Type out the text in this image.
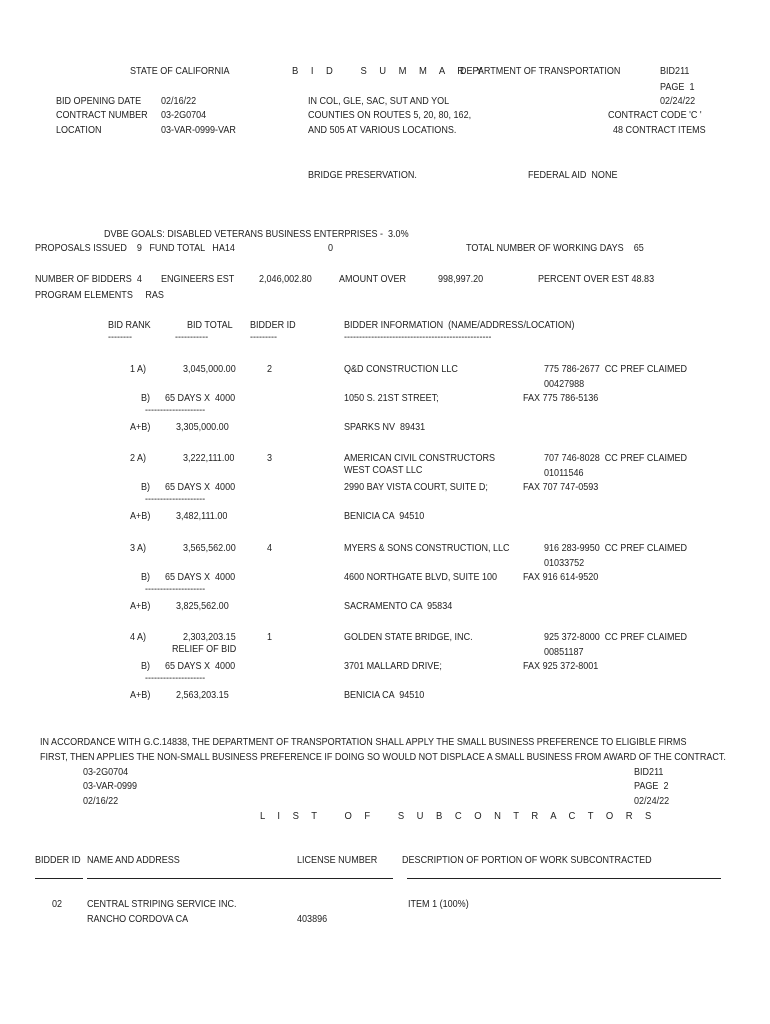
STATE OF CALIFORNIA	B I D   S U M M A R Y
DEPARTMENT OF TRANSPORTATION	BID211
PAGE  1
02/24/22
CONTRACT CODE 'C '
48 CONTRACT ITEMS
BID OPENING DATE 02/16/22
CONTRACT NUMBER 03-2G0704
LOCATION	03-VAR-0999-VAR
IN COL, GLE, SAC, SUT AND YOL
COUNTIES ON ROUTES 5, 20, 80, 162,
AND 505 AT VARIOUS LOCATIONS.
BRIDGE PRESERVATION.	FEDERAL AID  NONE
DVBE GOALS: DISABLED VETERANS BUSINESS ENTERPRISES -  3.0%
PROPOSALS ISSUED    9   FUND TOTAL   HA14	0	TOTAL NUMBER OF WORKING DAYS    65
NUMBER OF BIDDERS  4 ENGINEERS EST 2,046,002.80	AMOUNT OVER	998,997.20	PERCENT OVER EST 48.83
PROGRAM ELEMENTS     RAS
BID RANK	BID TOTAL BIDDER ID	BIDDER INFORMATION  (NAME/ADDRESS/LOCATION)
--------	-----------	---------	-------------------------------------------------
1 A)	3,045,000.00	2	Q&D CONSTRUCTION LLC	775 786-2677  CC PREF CLAIMED
00427988
B) 65 DAYS X  4000	1050 S. 21ST STREET;	FAX 775 786-5136
--------------------
A+B) 3,305,000.00	SPARKS NV  89431
2 A)	3,222,111.00	3	AMERICAN CIVIL CONSTRUCTORS	707 746-8028  CC PREF CLAIMED
WEST COAST LLC	01011546
B) 65 DAYS X  4000	2990 BAY VISTA COURT, SUITE D;	FAX 707 747-0593
--------------------
A+B) 3,482,111.00	BENICIA CA  94510
3 A)	3,565,562.00	4	MYERS & SONS CONSTRUCTION, LLC	916 283-9950  CC PREF CLAIMED
01033752
B) 65 DAYS X  4000	4600 NORTHGATE BLVD, SUITE 100 FAX 916 614-9520
--------------------
A+B) 3,825,562.00	SACRAMENTO CA  95834
4 A)	2,303,203.15	1	GOLDEN STATE BRIDGE, INC.	925 372-8000  CC PREF CLAIMED
RELIEF OF BID	00851187
B) 65 DAYS X  4000	3701 MALLARD DRIVE;	FAX 925 372-8001
--------------------
A+B) 2,563,203.15	BENICIA CA  94510
IN ACCORDANCE WITH G.C.14838, THE DEPARTMENT OF TRANSPORTATION SHALL APPLY THE SMALL BUSINESS PREFERENCE TO ELIGIBLE FIRMS
FIRST, THEN APPLIES THE NON-SMALL BUSINESS PREFERENCE IF DOING SO WOULD NOT DISPLACE A SMALL BUSINESS FROM AWARD OF THE CONTRACT.
03-2G0704
03-VAR-0999
02/16/22
BID211
PAGE  2
02/24/22
L I S T   O F   S U B C O N T R A C T O R S
BIDDER ID NAME AND ADDRESS	LICENSE NUMBER DESCRIPTION OF PORTION OF WORK SUBCONTRACTED
02 CENTRAL STRIPING SERVICE INC.	ITEM 1 (100%)
RANCHO CORDOVA CA	403896
